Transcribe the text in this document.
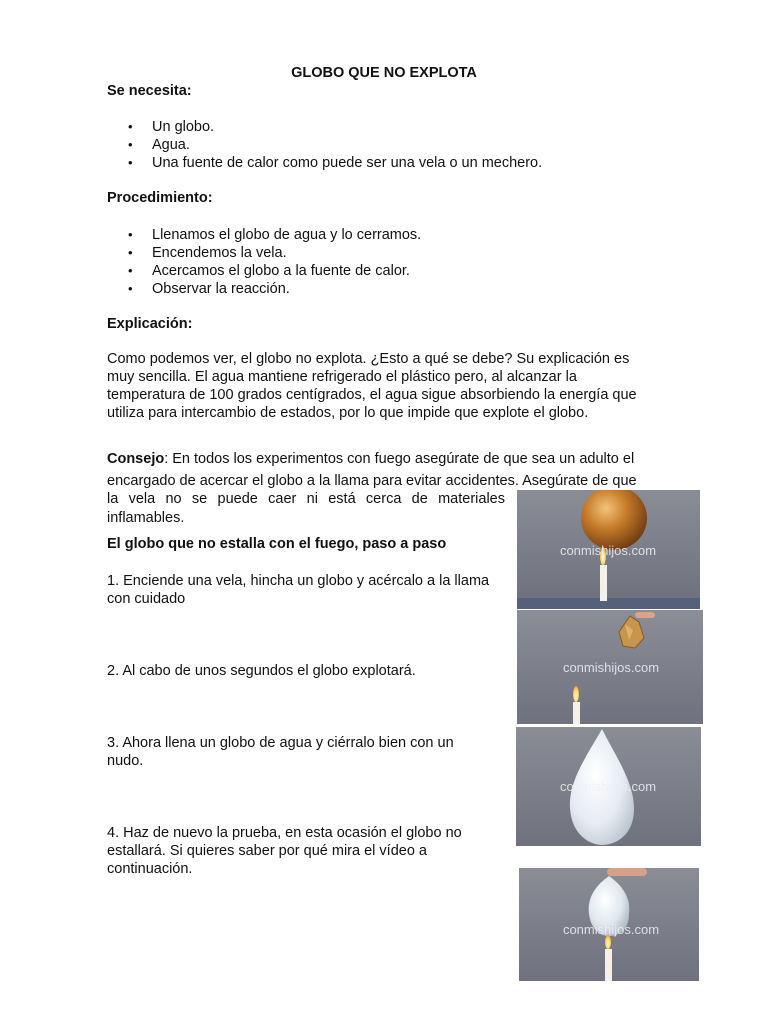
GLOBO QUE NO EXPLOTA
Se necesita:
• Un globo.
• Agua.
• Una fuente de calor como puede ser una vela o un mechero.
Procedimiento:
• Llenamos el globo de agua y lo cerramos.
• Encendemos la vela.
• Acercamos el globo a la fuente de calor.
• Observar la reacción.
Explicación:
Como podemos ver, el globo no explota. ¿Esto a qué se debe? Su explicación es
muy sencilla. El agua mantiene refrigerado el plástico pero, al alcanzar la
temperatura de 100 grados centígrados, el agua sigue absorbiendo la energía que
utiliza para intercambio de estados, por lo que impide que explote el globo.
Consejo: En todos los experimentos con fuego asegúrate de que sea un adulto el
encargado de acercar el globo a la llama para evitar accidentes. Asegúrate de que
la vela no se puede caer ni está cerca de materiales
inflamables.
El globo que no estalla con el fuego, paso a paso
1. Enciende una vela, hincha un globo y acércalo a la llama
con cuidado
2. Al cabo de unos segundos el globo explotará.
3. Ahora llena un globo de agua y ciérralo bien con un
nudo.
4. Haz de nuevo la prueba, en esta ocasión el globo no
estallará. Si quieres saber por qué mira el vídeo a
continuación.
conmishijos.com
conmishijos.com
conmishijos.com
conmishijos.com
